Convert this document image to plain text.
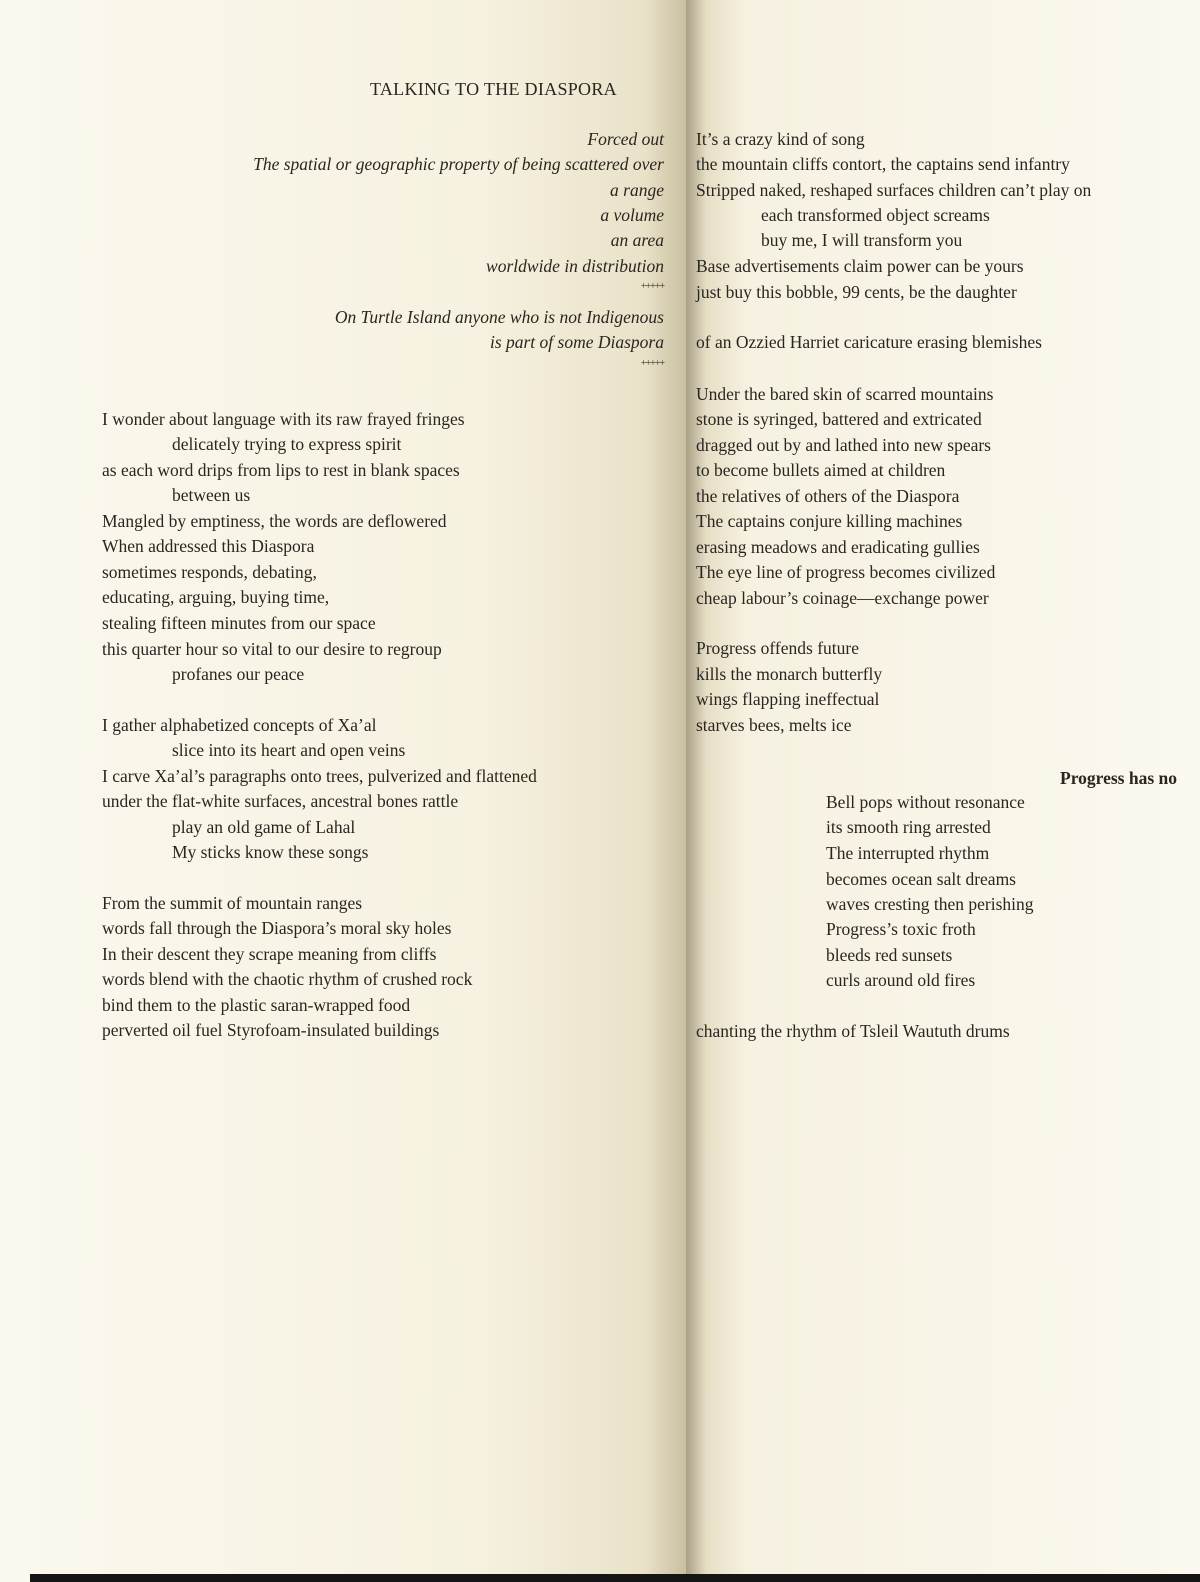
TALKING TO THE DIASPORA
Forced out
The spatial or geographic property of being scattered over
a range
a volume
an area
worldwide in distribution
+++++
On Turtle Island anyone who is not Indigenous
is part of some Diaspora
+++++
I wonder about language with its raw frayed fringes
delicately trying to express spirit
as each word drips from lips to rest in blank spaces
between us
Mangled by emptiness, the words are deflowered
When addressed this Diaspora
sometimes responds, debating,
educating, arguing, buying time,
stealing fifteen minutes from our space
this quarter hour so vital to our desire to regroup
profanes our peace
I gather alphabetized concepts of Xa’al
slice into its heart and open veins
I carve Xa’al’s paragraphs onto trees, pulverized and flattened
under the flat-white surfaces, ancestral bones rattle
play an old game of Lahal
My sticks know these songs
From the summit of mountain ranges
words fall through the Diaspora’s moral sky holes
In their descent they scrape meaning from cliffs
words blend with the chaotic rhythm of crushed rock
bind them to the plastic saran-wrapped food
perverted oil fuel Styrofoam-insulated buildings
It’s a crazy kind of song
the mountain cliffs contort, the captains send infantry
Stripped naked, reshaped surfaces children can’t play on
each transformed object screams
buy me, I will transform you
Base advertisements claim power can be yours
just buy this bobble, 99 cents, be the daughter
of an Ozzied Harriet caricature erasing blemishes
Under the bared skin of scarred mountains
stone is syringed, battered and extricated
dragged out by and lathed into new spears
to become bullets aimed at children
the relatives of others of the Diaspora
The captains conjure killing machines
erasing meadows and eradicating gullies
The eye line of progress becomes civilized
cheap labour’s coinage—exchange power
Progress offends future
kills the monarch butterfly
wings flapping ineffectual
starves bees, melts ice
Progress has no
Bell pops without resonance
its smooth ring arrested
The interrupted rhythm
becomes ocean salt dreams
waves cresting then perishing
Progress’s toxic froth
bleeds red sunsets
curls around old fires
chanting the rhythm of Tsleil Waututh drums
